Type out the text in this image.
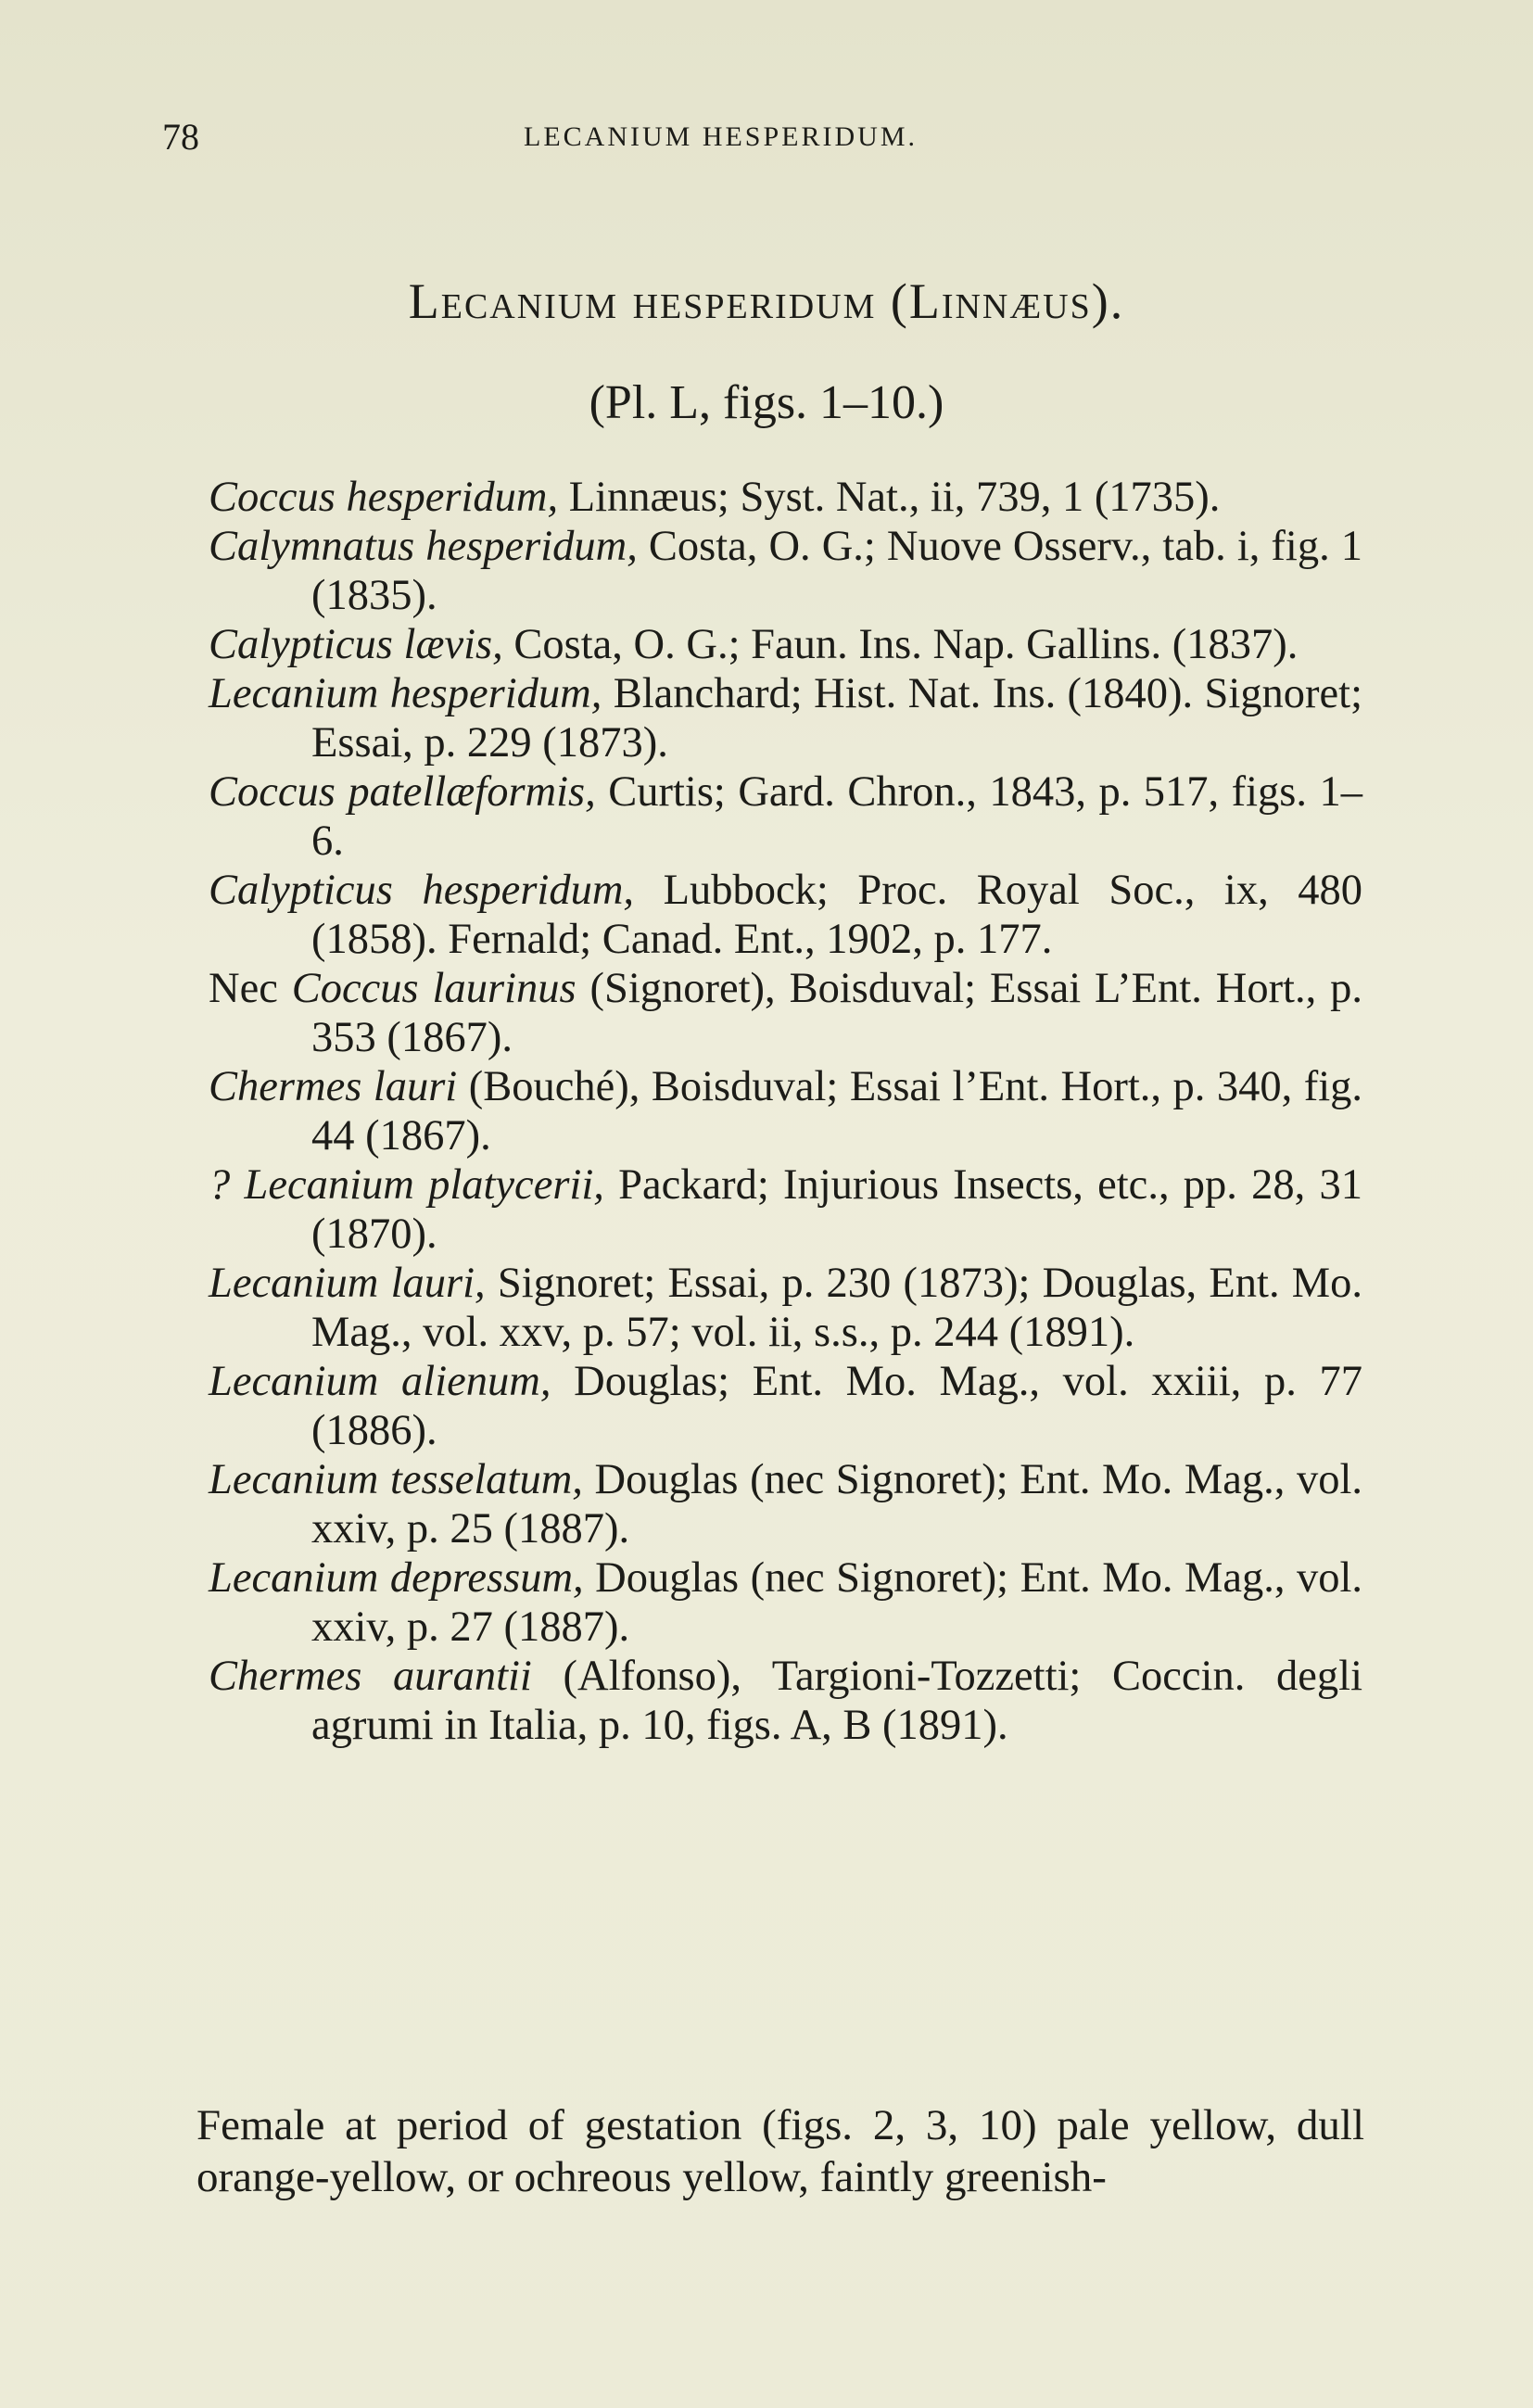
78	LECANIUM HESPERIDUM.
Lecanium hesperidum (Linnæus).
(Pl. L, figs. 1–10.)

Coccus hesperidum, Linnæus; Syst. Nat., ii, 739, 1 (1735).

Calymnatus hesperidum, Costa, O. G.; Nuove Osserv., tab. i, fig. 1 (1835).

Calypticus lævis, Costa, O. G.; Faun. Ins. Nap. Gallins. (1837).

Lecanium hesperidum, Blanchard; Hist. Nat. Ins. (1840). Signoret; Essai, p. 229 (1873).

Coccus patellæformis, Curtis; Gard. Chron., 1843, p. 517, figs. 1–6.

Calypticus hesperidum, Lubbock; Proc. Royal Soc., ix, 480 (1858). Fernald; Canad. Ent., 1902, p. 177.

Nec Coccus laurinus (Signoret), Boisduval; Essai L’Ent. Hort., p. 353 (1867).

Chermes lauri (Bouché), Boisduval; Essai l’Ent. Hort., p. 340, fig. 44 (1867).

? Lecanium platycerii, Packard; Injurious Insects, etc., pp. 28, 31 (1870).

Lecanium lauri, Signoret; Essai, p. 230 (1873); Douglas, Ent. Mo. Mag., vol. xxv, p. 57; vol. ii, s.s., p. 244 (1891).

Lecanium alienum, Douglas; Ent. Mo. Mag., vol. xxiii, p. 77 (1886).

Lecanium tesselatum, Douglas (nec Signoret); Ent. Mo. Mag., vol. xxiv, p. 25 (1887).

Lecanium depressum, Douglas (nec Signoret); Ent. Mo. Mag., vol. xxiv, p. 27 (1887).

Chermes aurantii (Alfonso), Targioni-Tozzetti; Coccin. degli agrumi in Italia, p. 10, figs. A, B (1891).

Female at period of gestation (figs. 2, 3, 10) pale yellow, dull orange-yellow, or ochreous yellow, faintly greenish-
